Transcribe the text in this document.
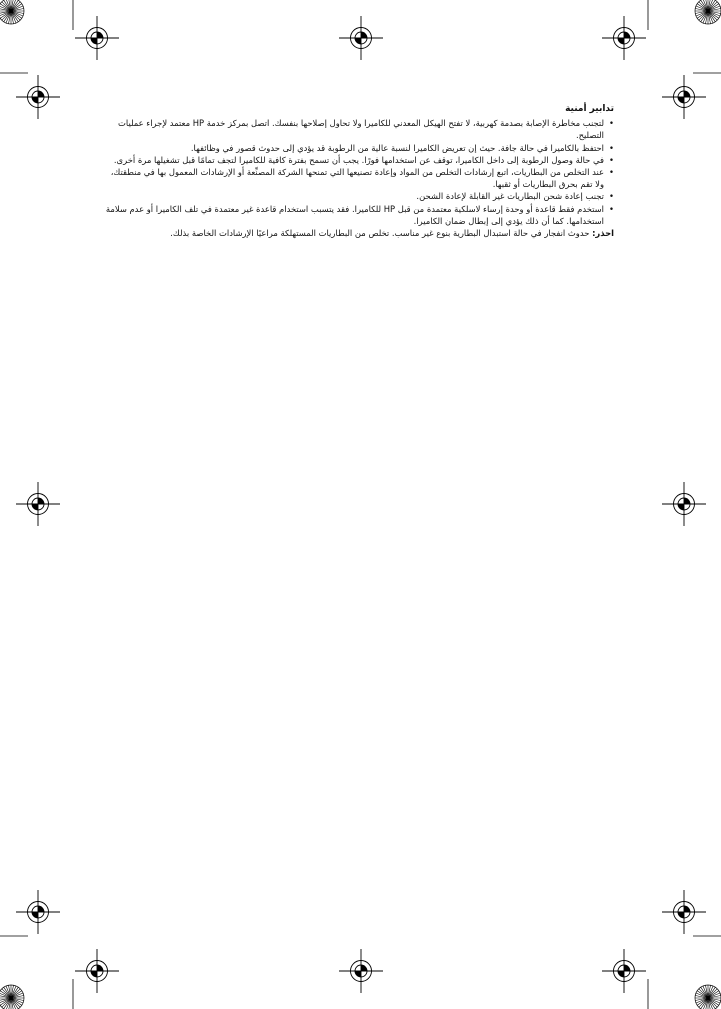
تدابير أمنية
• لتجنب مخاطرة الإصابة بصدمة كهربية، لا تفتح الهيكل المعدني للكاميرا ولا تحاول إصلاحها بنفسك. اتصل بمركز خدمة HP معتمد لإجراء عمليات التصليح.
• احتفظ بالكاميرا في حالة جافة. حيث إن تعريض الكاميرا لنسبة عالية من الرطوبة قد يؤدي إلى حدوث قصور في وظائفها.
• في حالة وصول الرطوبة إلى داخل الكاميرا، توقف عن استخدامها فورًا. يجب أن تسمح بفترة كافية للكاميرا لتجف تمامًا قبل تشغيلها مرة أخرى.
• عند التخلص من البطاريات، اتبع إرشادات التخلص من المواد وإعادة تصنيعها التي تمنحها الشركة المصنِّعة أو الإرشادات المعمول بها في منطقتك، ولا تقم بحرق البطاريات أو ثقبها.
• تجنب إعادة شحن البطاريات غير القابلة لإعادة الشحن.
• استخدم فقط قاعدة أو وحدة إرساء لاسلكية معتمدة من قبل HP للكاميرا. فقد يتسبب استخدام قاعدة غير معتمدة في تلف الكاميرا أو عدم سلامة استخدامها. كما أن ذلك يؤدي إلى إبطال ضمان الكاميرا.

احذر: حدوث انفجار في حالة استبدال البطارية بنوع غير مناسب. تخلص من البطاريات المستهلكة مراعيًا الإرشادات الخاصة بذلك.
